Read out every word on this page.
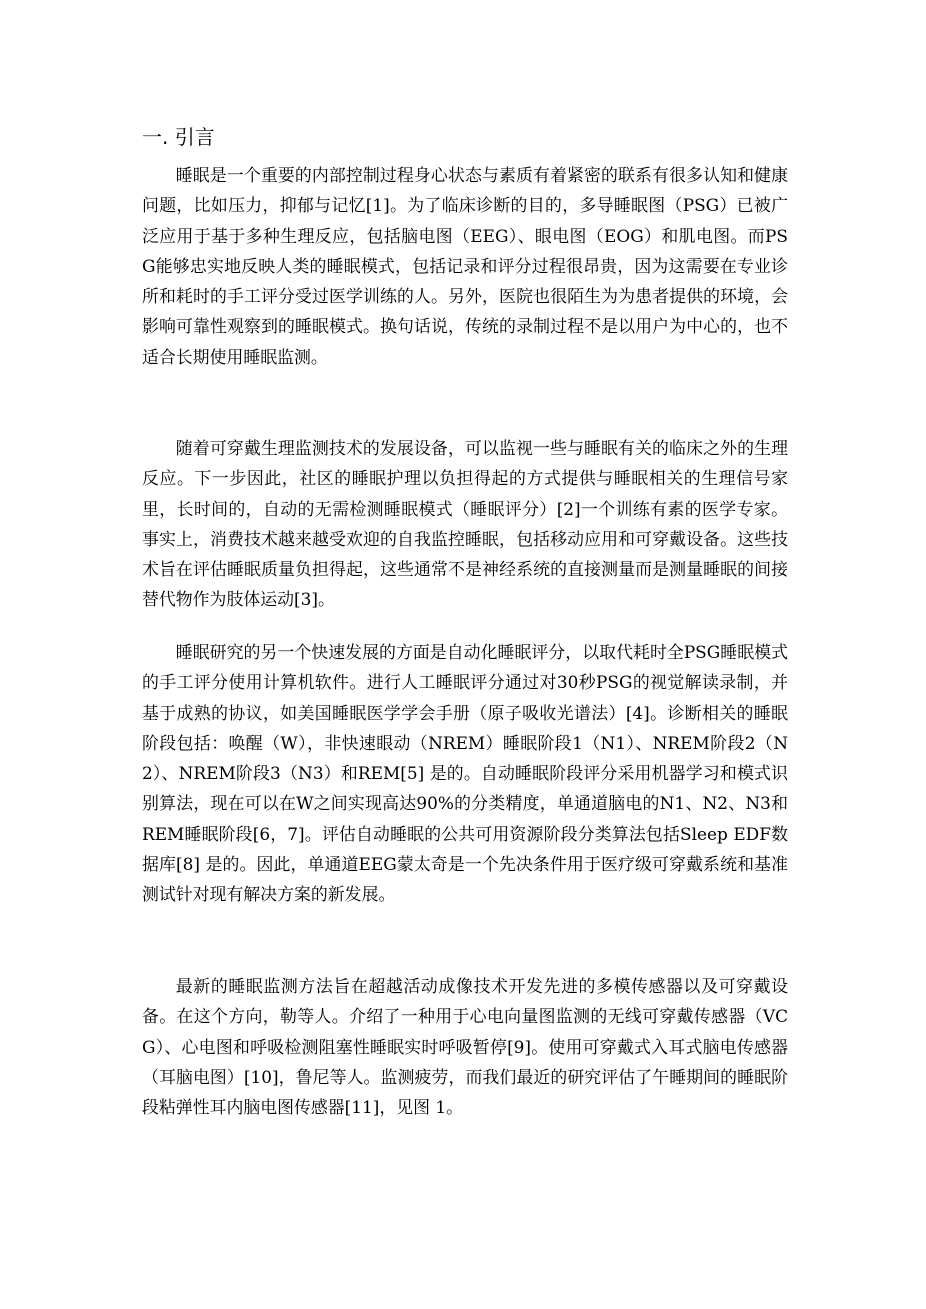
一. 引言

睡眠是一个重要的内部控制过程身心状态与素质有着紧密的联系有很多认知和健康问题，比如压力，抑郁与记忆[1]。为了临床诊断的目的，多导睡眠图（PSG）已被广泛应用于基于多种生理反应，包括脑电图（EEG）、眼电图（EOG）和肌电图。而PSG能够忠实地反映人类的睡眠模式，包括记录和评分过程很昂贵，因为这需要在专业诊所和耗时的手工评分受过医学训练的人。另外，医院也很陌生为为患者提供的环境，会影响可靠性观察到的睡眠模式。换句话说，传统的录制过程不是以用户为中心的，也不适合长期使用睡眠监测。

随着可穿戴生理监测技术的发展设备，可以监视一些与睡眠有关的临床之外的生理反应。下一步因此，社区的睡眠护理以负担得起的方式提供与睡眠相关的生理信号家里，长时间的，自动的无需检测睡眠模式（睡眠评分）[2]一个训练有素的医学专家。事实上，消费技术越来越受欢迎的自我监控睡眠，包括移动应用和可穿戴设备。这些技术旨在评估睡眠质量负担得起，这些通常不是神经系统的直接测量而是测量睡眠的间接替代物作为肢体运动[3]。

睡眠研究的另一个快速发展的方面是自动化睡眠评分，以取代耗时全PSG睡眠模式的手工评分使用计算机软件。进行人工睡眠评分通过对30秒PSG的视觉解读录制，并基于成熟的协议，如美国睡眠医学学会手册（原子吸收光谱法）[4]。诊断相关的睡眠阶段包括：唤醒（W），非快速眼动（NREM）睡眠阶段1（N1）、NREM阶段2（N2）、NREM阶段3（N3）和REM[5] 是的。自动睡眠阶段评分采用机器学习和模式识别算法，现在可以在W之间实现高达90%的分类精度，单通道脑电的N1、N2、N3和REM睡眠阶段[6，7]。评估自动睡眠的公共可用资源阶段分类算法包括Sleep EDF数据库[8] 是的。因此，单通道EEG蒙太奇是一个先决条件用于医疗级可穿戴系统和基准测试针对现有解决方案的新发展。

最新的睡眠监测方法旨在超越活动成像技术开发先进的多模传感器以及可穿戴设备。在这个方向，勒等人。介绍了一种用于心电向量图监测的无线可穿戴传感器（VCG）、心电图和呼吸检测阻塞性睡眠实时呼吸暂停[9]。使用可穿戴式入耳式脑电传感器（耳脑电图）[10]，鲁尼等人。监测疲劳，而我们最近的研究评估了午睡期间的睡眠阶段粘弹性耳内脑电图传感器[11]，见图 1。
